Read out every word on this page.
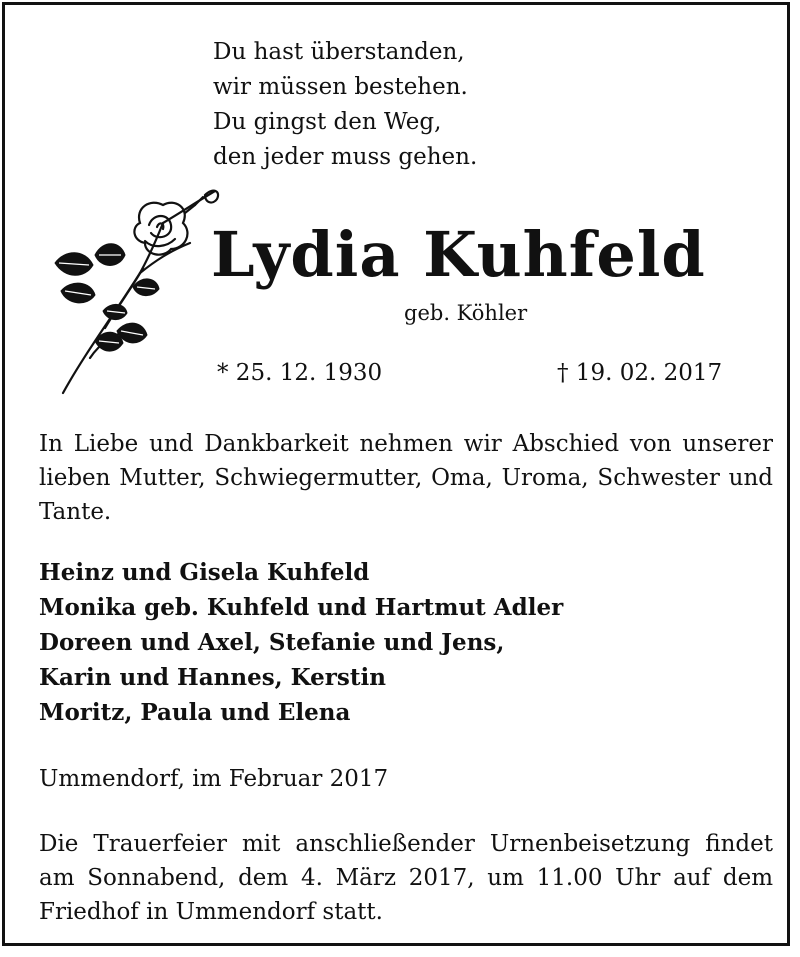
Du hast überstanden,
wir müssen bestehen.
Du gingst den Weg,
den jeder muss gehen.
Lydia Kuhfeld
geb. Köhler
* 25. 12. 1930	† 19. 02. 2017
In Liebe und Dankbarkeit nehmen wir Abschied von unserer lieben Mutter, Schwiegermutter, Oma, Uroma, Schwester und Tante.
Heinz und Gisela Kuhfeld
Monika geb. Kuhfeld und Hartmut Adler
Doreen und Axel, Stefanie und Jens,
Karin und Hannes, Kerstin
Moritz, Paula und Elena
Ummendorf, im Februar 2017
Die Trauerfeier mit anschließender Urnenbeisetzung findet am Sonnabend, dem 4. März 2017, um 11.00 Uhr auf dem Friedhof in Ummendorf statt.
